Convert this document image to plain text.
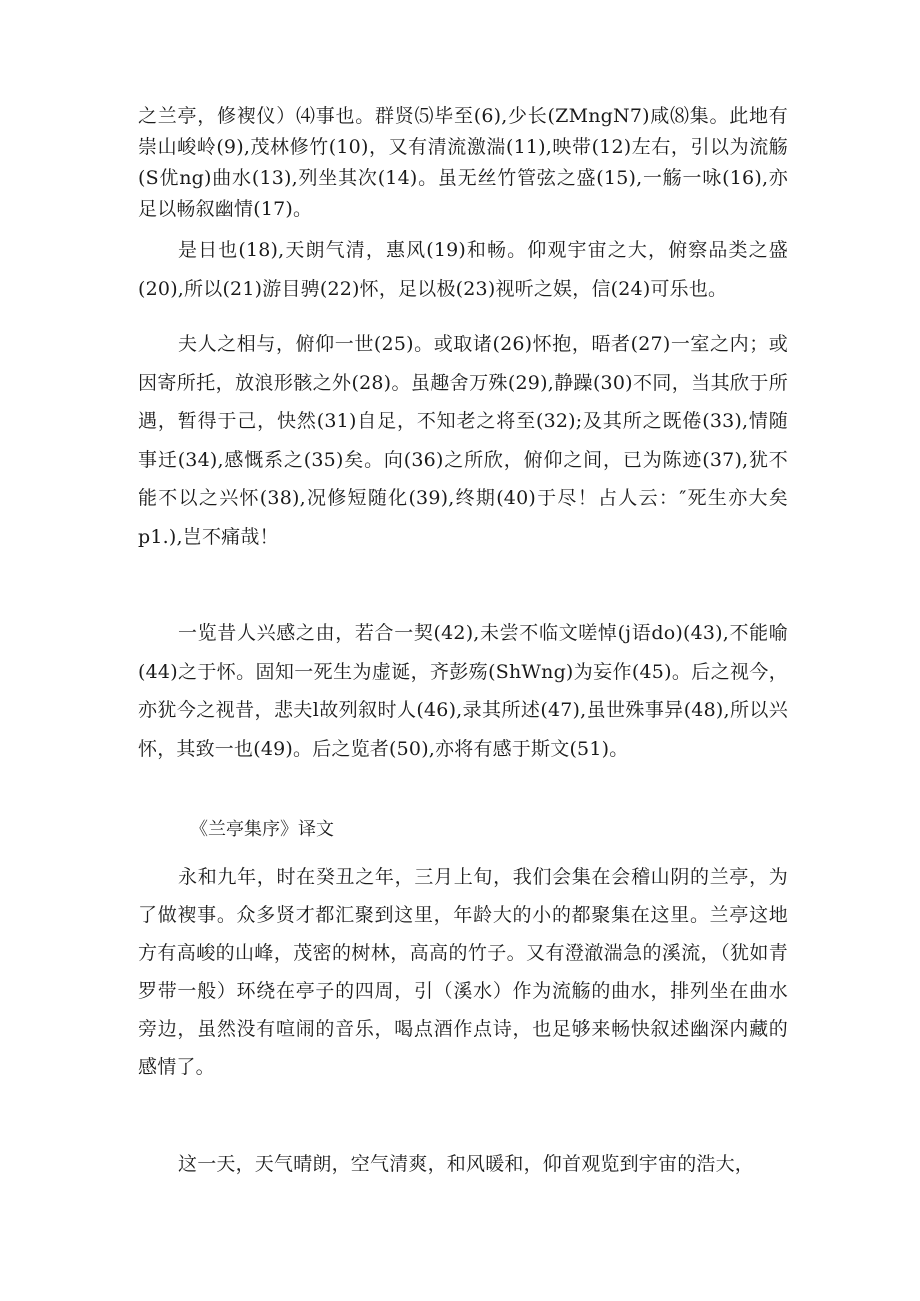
之兰亭，修褉仪）⑷事也。群贤⑸毕至(6),少长(ZMngN7)咸⑻集。此地有崇山峻岭(9),茂林修竹(10)，又有清流激湍(11),映带(12)左右，引以为流觞(S优ng)曲水(13),列坐其次(14)。虽无丝竹管弦之盛(15),一觞一咏(16),亦足以畅叙幽情(17)。

是日也(18),天朗气清，惠风(19)和畅。仰观宇宙之大，俯察品类之盛(20),所以(21)游目骋(22)怀，足以极(23)视听之娱，信(24)可乐也。

夫人之相与，俯仰一世(25)。或取诸(26)怀抱，晤者(27)一室之内；或因寄所托，放浪形骸之外(28)。虽趣舍万殊(29),静躁(30)不同，当其欣于所遇，暂得于己，快然(31)自足，不知老之将至(32);及其所之既倦(33),情随事迁(34),感慨系之(35)矣。向(36)之所欣，俯仰之间，已为陈迹(37),犹不能不以之兴怀(38),况修短随化(39),终期(40)于尽！占人云：″死生亦大矣p1.),岂不痛哉！

一览昔人兴感之由，若合一契(42),未尝不临文嗟悼(j语do)(43),不能喻(44)之于怀。固知一死生为虚诞，齐彭殇(ShWng)为妄作(45)。后之视今，亦犹今之视昔，悲夫l故列叙时人(46),录其所述(47),虽世殊事异(48),所以兴怀，其致一也(49)。后之览者(50),亦将有感于斯文(51)。

《兰亭集序》译文

永和九年，时在癸丑之年，三月上旬，我们会集在会稽山阴的兰亭，为了做褉事。众多贤才都汇聚到这里，年龄大的小的都聚集在这里。兰亭这地方有高峻的山峰，茂密的树林，高高的竹子。又有澄澈湍急的溪流，（犹如青罗带一般）环绕在亭子的四周，引（溪水）作为流觞的曲水，排列坐在曲水旁边，虽然没有喧闹的音乐，喝点酒作点诗，也足够来畅快叙述幽深内藏的感情了。

这一天，天气晴朗，空气清爽，和风暖和，仰首观览到宇宙的浩大，
